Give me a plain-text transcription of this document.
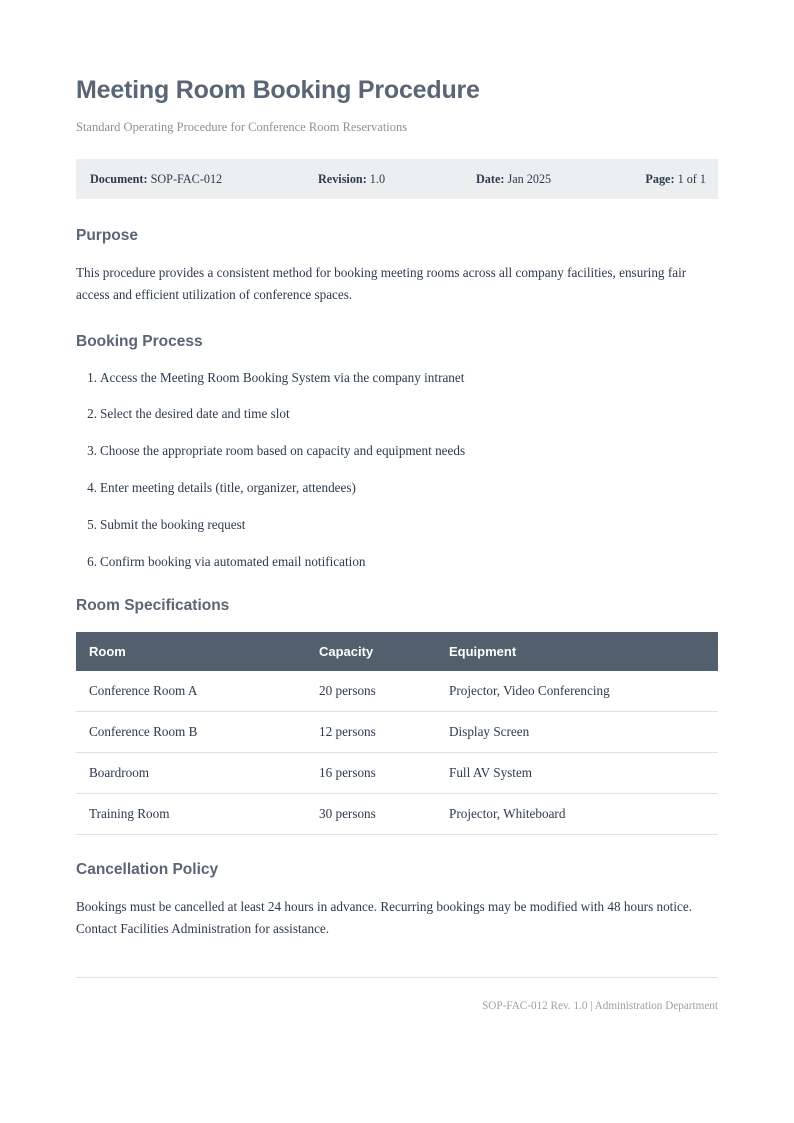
Meeting Room Booking Procedure
Standard Operating Procedure for Conference Room Reservations
Document: SOP-FAC-012	Revision: 1.0	Date: Jan 2025	Page: 1 of 1
Purpose

This procedure provides a consistent method for booking meeting rooms across all company facilities, ensuring fair access and efficient utilization of conference spaces.

Booking Process
1. Access the Meeting Room Booking System via the company intranet
2. Select the desired date and time slot
3. Choose the appropriate room based on capacity and equipment needs
4. Enter meeting details (title, organizer, attendees)
5. Submit the booking request
6. Confirm booking via automated email notification
Room Specifications
Room	Capacity	Equipment
Conference Room A	20 persons	Projector, Video Conferencing
Conference Room B	12 persons	Display Screen
Boardroom	16 persons	Full AV System
Training Room	30 persons	Projector, Whiteboard
Cancellation Policy

Bookings must be cancelled at least 24 hours in advance. Recurring bookings may be modified with 48 hours notice. Contact Facilities Administration for assistance.

SOP-FAC-012 Rev. 1.0 | Administration Department
